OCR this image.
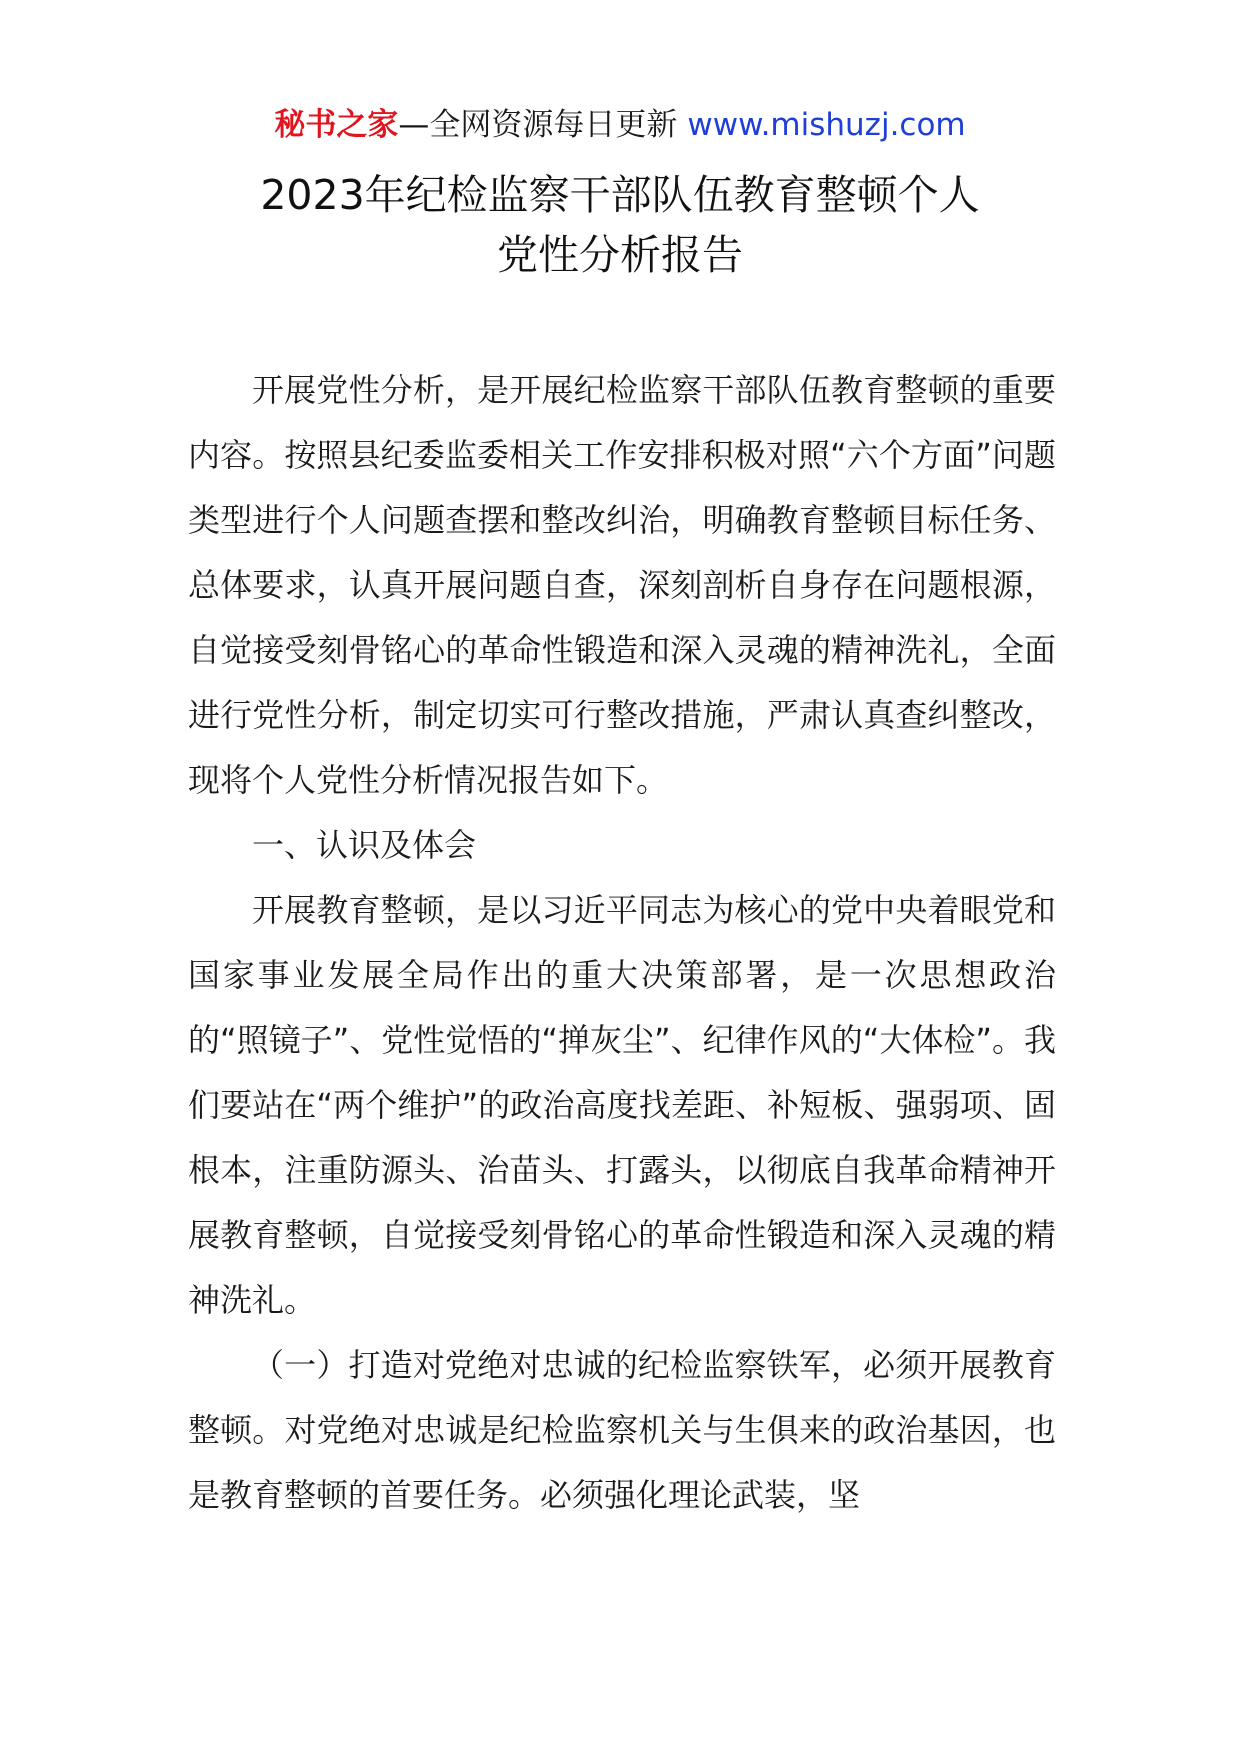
秘书之家—全网资源每日更新 www.mishuzj.com
2023年纪检监察干部队伍教育整顿个人
党性分析报告

开展党性分析，是开展纪检监察干部队伍教育整顿的重要内容。按照县纪委监委相关工作安排积极对照“六个方面”问题类型进行个人问题查摆和整改纠治，明确教育整顿目标任务、总体要求，认真开展问题自查，深刻剖析自身存在问题根源，自觉接受刻骨铭心的革命性锻造和深入灵魂的精神洗礼，全面进行党性分析，制定切实可行整改措施，严肃认真查纠整改，现将个人党性分析情况报告如下。

一、认识及体会

开展教育整顿，是以习近平同志为核心的党中央着眼党和国家事业发展全局作出的重大决策部署，是一次思想政治的“照镜子”、党性觉悟的“掸灰尘”、纪律作风的“大体检”。我们要站在“两个维护”的政治高度找差距、补短板、强弱项、固根本，注重防源头、治苗头、打露头，以彻底自我革命精神开展教育整顿，自觉接受刻骨铭心的革命性锻造和深入灵魂的精神洗礼。

（一）打造对党绝对忠诚的纪检监察铁军，必须开展教育整顿。对党绝对忠诚是纪检监察机关与生俱来的政治基因，也是教育整顿的首要任务。必须强化理论武装，坚
